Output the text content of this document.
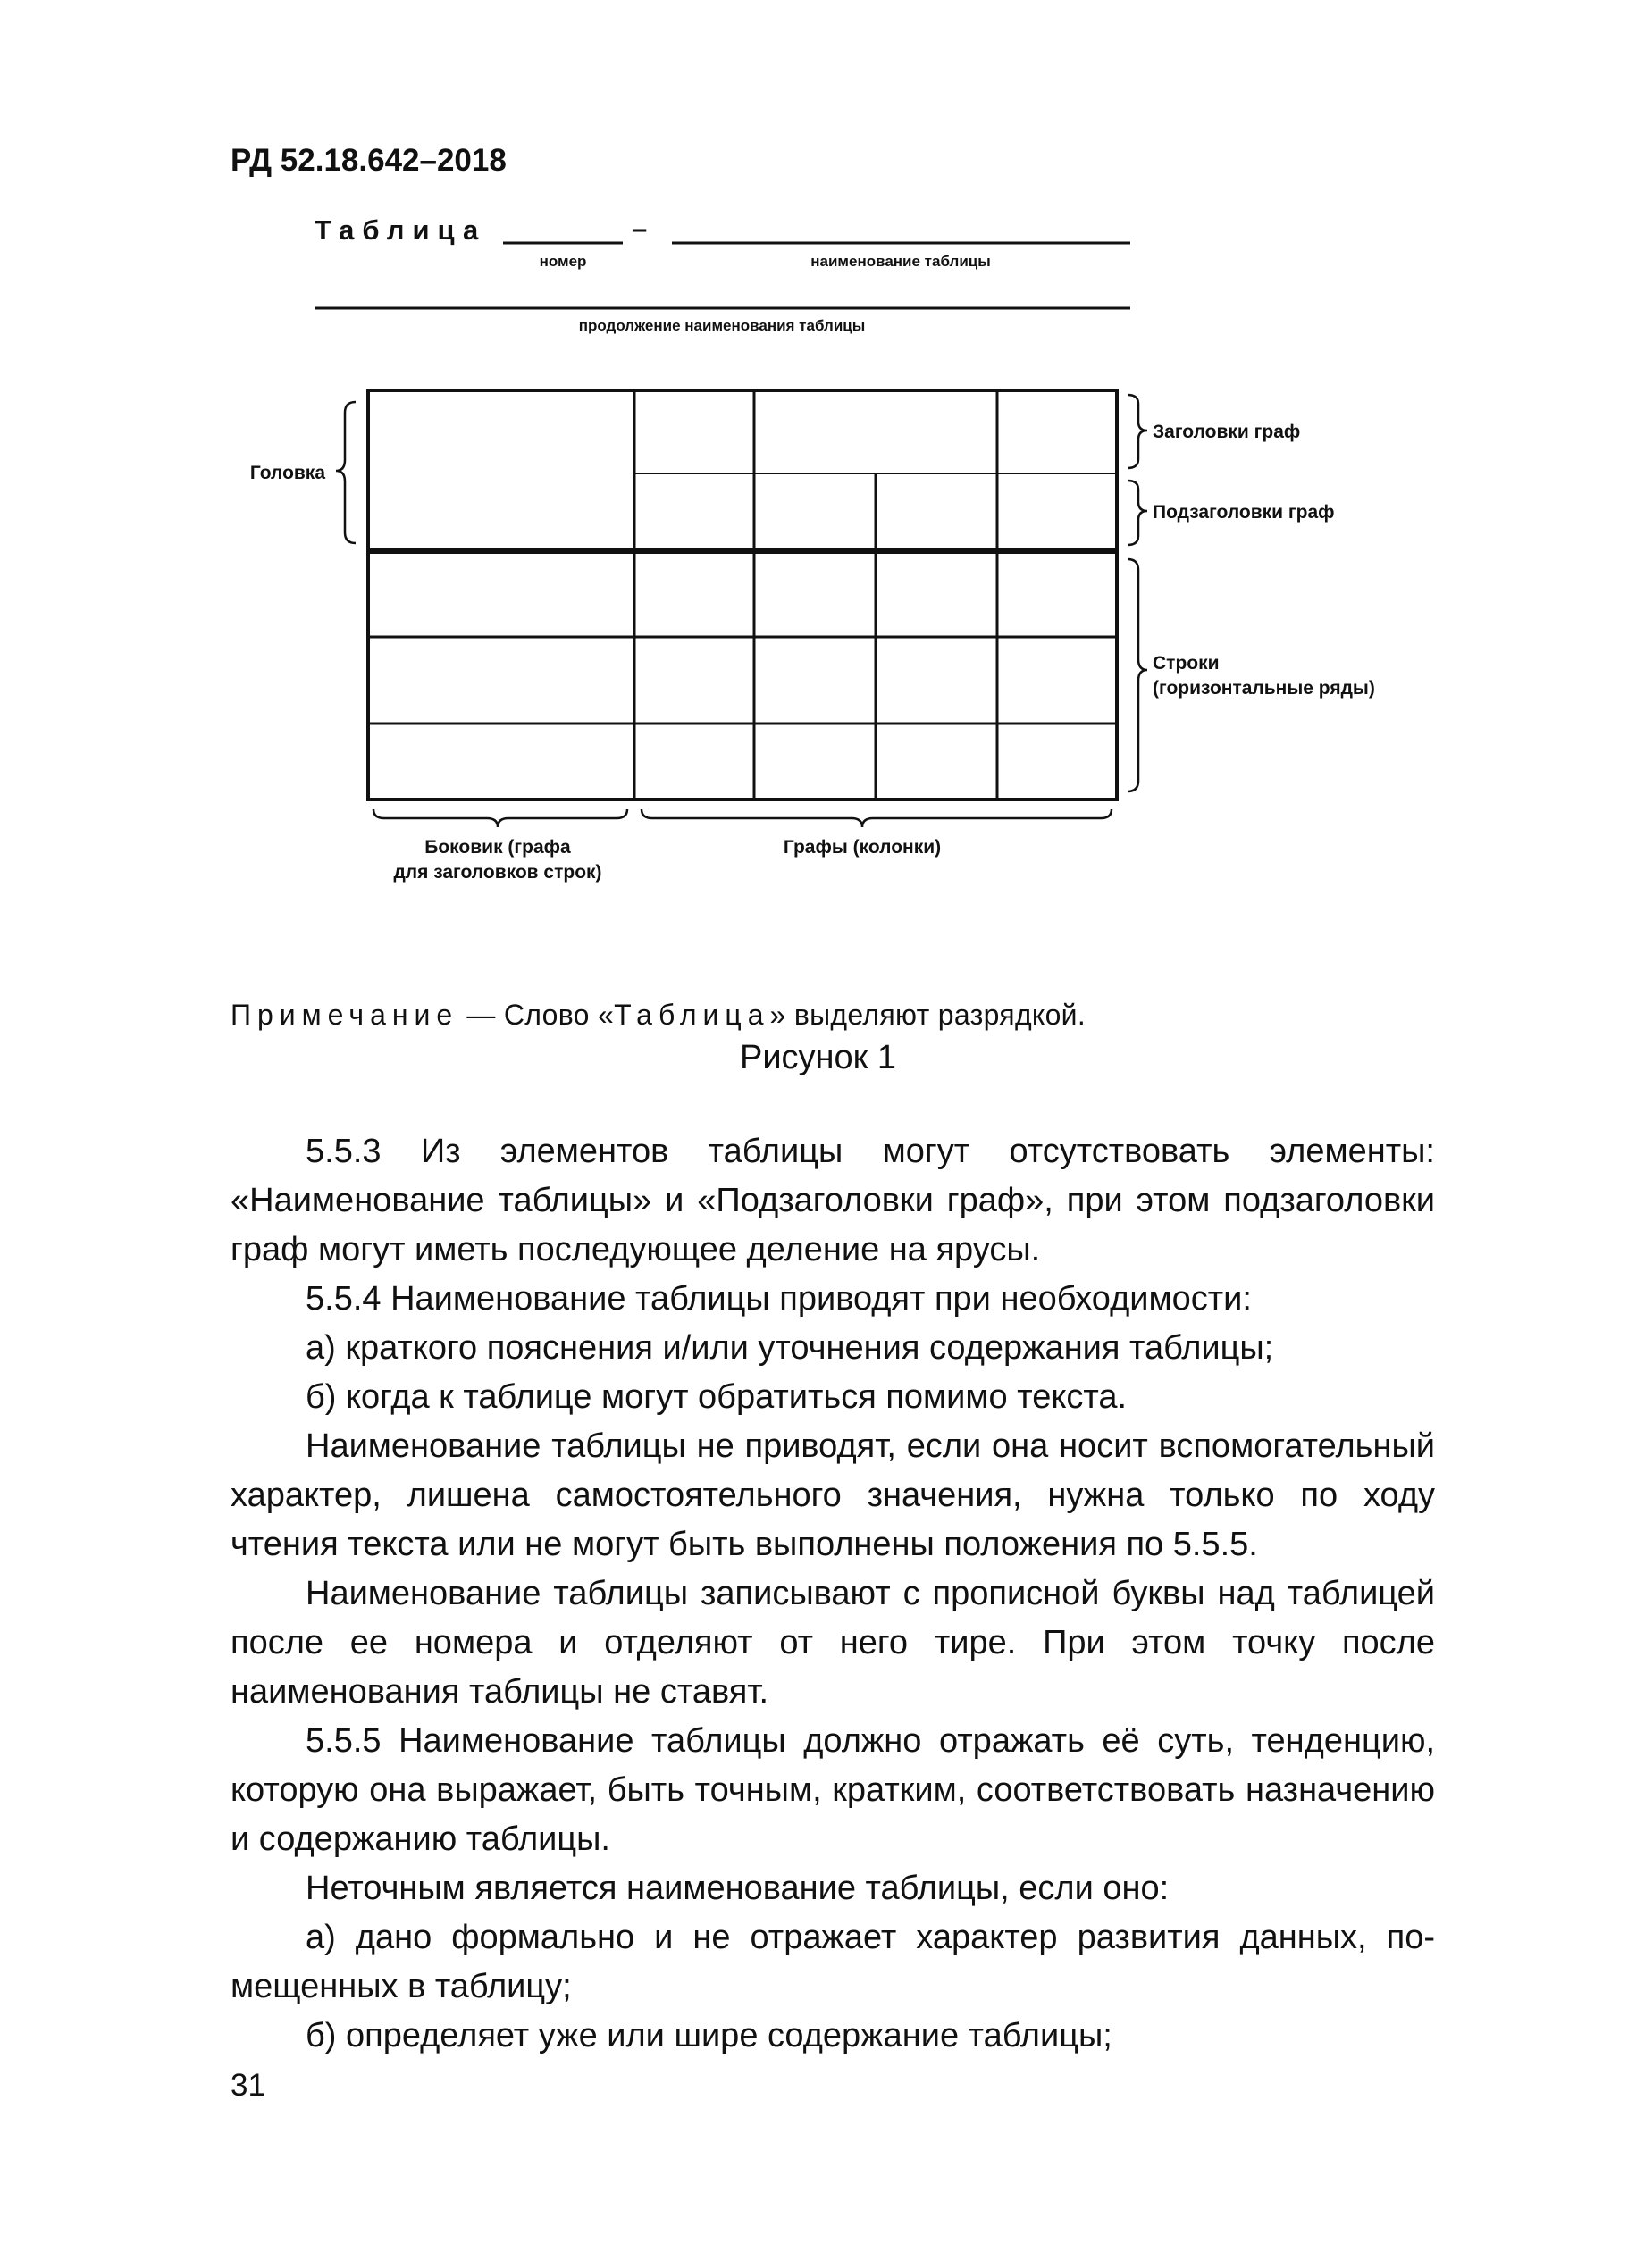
РД 52.18.642–2018
Таблица	–
номер	наименование таблицы
продолжение наименования таблицы
Головка
Заголовки граф
Подзаголовки граф
Строки
(горизонтальные ряды)
Боковик (графа
для заголовков строк)
Графы (колонки)
Примечание — Слово «Таблица» выделяют разрядкой.
Рисунок 1

5.5.3 Из элементов таблицы могут отсутствовать элементы: «Наименование таблицы» и «Подзаголовки граф», при этом подзаголовки граф могут иметь последующее деление на ярусы.

5.5.4 Наименование таблицы приводят при необходимости:

а) краткого пояснения и/или уточнения содержания таблицы;

б) когда к таблице могут обратиться помимо текста.

Наименование таблицы не приводят, если она носит вспомогательный характер, лишена самостоятельного значения, нужна только по ходу чтения текста или не могут быть выполнены положения по 5.5.5.

Наименование таблицы записывают с прописной буквы над таблицей после ее номера и отделяют от него тире. При этом точку после наименования таблицы не ставят.

5.5.5 Наименование таблицы должно отражать её суть, тенденцию, которую она выражает, быть точным, кратким, соответствовать назначению и содержанию таблицы.

Неточным является наименование таблицы, если оно:

а) дано формально и не отражает характер развития данных, помещенных в таблицу;

б) определяет уже или шире содержание таблицы;

31
